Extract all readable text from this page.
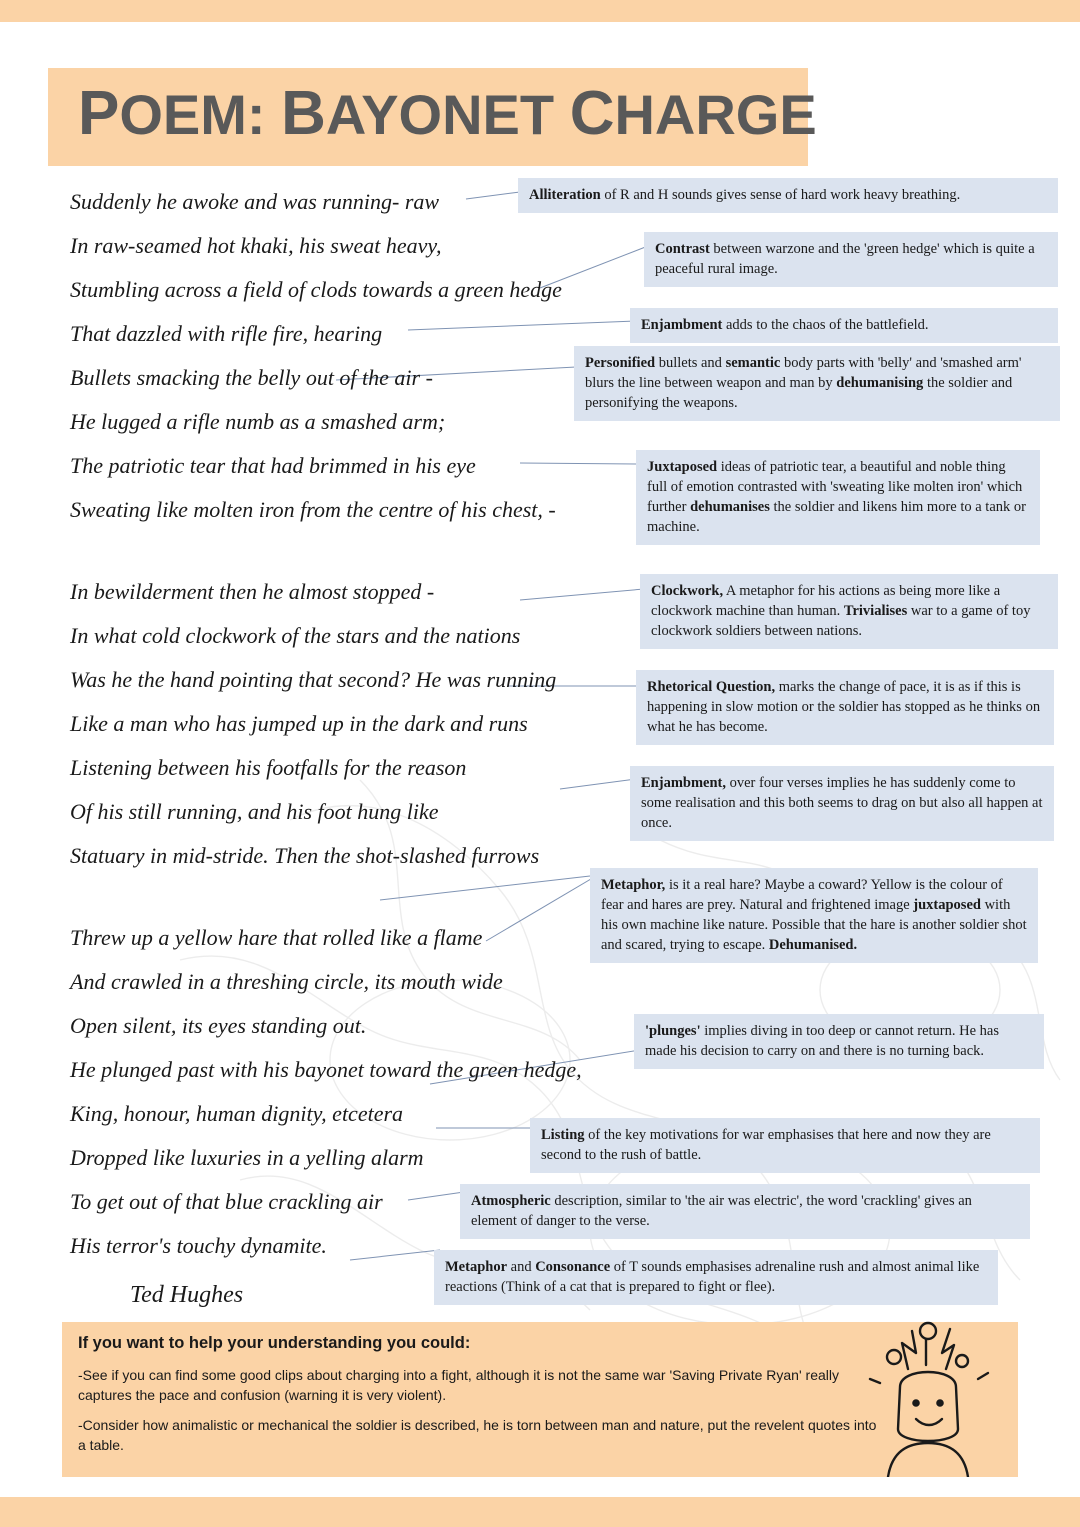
POEM: BAYONET CHARGE
Suddenly he awoke and was running- raw
In raw-seamed hot khaki, his sweat heavy,
Stumbling across a field of clods towards a green hedge
That dazzled with rifle fire, hearing
Bullets smacking the belly out of the air -
He lugged a rifle numb as a smashed arm;
The patriotic tear that had brimmed in his eye
Sweating like molten iron from the centre of his chest, -
In bewilderment then he almost stopped -
In what cold clockwork of the stars and the nations
Was he the hand pointing that second? He was running
Like a man who has jumped up in the dark and runs
Listening between his footfalls for the reason
Of his still running, and his foot hung like
Statuary in mid-stride. Then the shot-slashed furrows
Threw up a yellow hare that rolled like a flame
And crawled in a threshing circle, its mouth wide
Open silent, its eyes standing out.
He plunged past with his bayonet toward the green hedge,
King, honour, human dignity, etcetera
Dropped like luxuries in a yelling alarm
To get out of that blue crackling air
His terror's touchy dynamite.
Ted Hughes
Alliteration of R and H sounds gives sense of hard work heavy breathing.
Contrast between warzone and the 'green hedge' which is quite a peaceful rural image.
Enjambment adds to the chaos of the battlefield.
Personified bullets and semantic body parts with 'belly' and 'smashed arm' blurs the line between weapon and man by dehumanising the soldier and personifying the weapons.
Juxtaposed ideas of patriotic tear, a beautiful and noble thing full of emotion contrasted with 'sweating like molten iron' which further dehumanises the soldier and likens him more to a tank or machine.
Clockwork, A metaphor for his actions as being more like a clockwork machine than human. Trivialises war to a game of toy clockwork soldiers between nations.
Rhetorical Question, marks the change of pace, it is as if this is happening in slow motion or the soldier has stopped as he thinks on what he has become.
Enjambment, over four verses implies he has suddenly come to some realisation and this both seems to drag on but also all happen at once.
Metaphor, is it a real hare? Maybe a coward? Yellow is the colour of fear and hares are prey. Natural and frightened image juxtaposed with his own machine like nature. Possible that the hare is another soldier shot and scared, trying to escape. Dehumanised.
'plunges' implies diving in too deep or cannot return. He has made his decision to carry on and there is no turning back.
Listing of the key motivations for war emphasises that here and now they are second to the rush of battle.
Atmospheric description, similar to 'the air was electric', the word 'crackling' gives an element of danger to the verse.
Metaphor and Consonance of T sounds emphasises adrenaline rush and almost animal like reactions (Think of a cat that is prepared to fight or flee).
If you want to help your understanding you could:
-See if you can find some good clips about charging into a fight, although it is not the same war 'Saving Private Ryan' really captures the pace and confusion (warning it is very violent).
-Consider how animalistic or mechanical the soldier is described, he is torn between man and nature, put the revelent quotes into a table.
